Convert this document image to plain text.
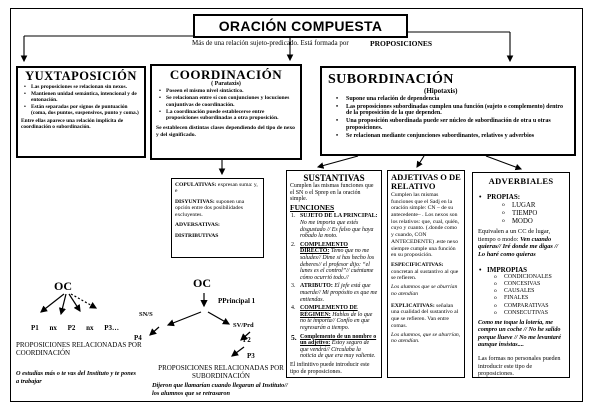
ORACIÓN COMPUESTA
Más de una relación sujeto-predicado. Está formada por	PROPOSICIONES
YUXTAPOSICIÓN
• Las proposiciones se relacionan sin nexos.
• Mantienen unidad semántica, intencional y de entonación.
• Están separadas por signos de puntuación (coma, dos puntos, suspensivos, punto y coma.)
Entre ellas aparece una relación implícita de coordinación o subordinación.
COORDINACIÓN
( Parataxis)
• Poseen el mismo nivel sintáctico.
• Se relacionan entre sí con conjunciones y locuciones conjuntivas de coordinación.
• La coordinación puede establecerse entre proposiciones subordinadas a otra proposición.
Se establecen distintas clases dependiendo del tipo de nexo y del significado.
SUBORDINACIÓN
(Hipotaxis)
• Supone una relación de dependencia
• Las proposiciones subordinadas cumplen una función (sujeto o complemento) dentro de la proposición de la que dependen.
• Una proposición subordinada puede ser núcleo de subordinación de otra u otras proposiciones.
• Se relacionan mediante conjunciones subordinantes, relativos y adverbios

COPULATIVAS: expresan suma: y, e

DISYUNTIVAS: suponen una opción entre dos posibilidades excluyentes.

ADVERSATIVAS:

DISTRIBUTIVAS

SUSTANTIVAS
Cumplen las mismas funciones que el SN o el Sprep en la oración simple.
FUNCIONES
1. SUJETO DE LA PRINCIPAL: No me importa que estés disgustado // Es falso que haya robado la moto.
2. COMPLEMENTO DIRECTO: Temo que no me saludes// Dime si has hecho los deberes// el profesor dijo: “el lunes es el control”// cuéntame cómo ocurrió todo.//
3. ATRIBUTO: El jefe está que muerde// Mi propósito es que me entiendas.
4. COMPLEMENTO DE RÉGIMEN: Hablas de lo que no te importa// Confío en que regresarán a tiempo.
5. Complemento de un nombre o un adjetivo: Estoy seguro de que vendrá// Circulaba la noticia de que era muy valiente.
El infinitivo puede introducir este tipo de proposiciones.
ADJETIVAS O DE RELATIVO
Cumplen las mismas funciones que el Sadj en la oración simple: CN – de su antecedente– . Los nexos son los relativos: que, cual, quién, cuyo y cuanto. (.donde como y cuando, CON ANTECEDENTE) .este nexo siempre cumple una función en su proposición.
ESPECIFICATIVAS: concretan al sustantivo al que se refieren.
Los alumnos que se aburrían no atendían
EXPLICATIVAS: señalan una cualidad del sustantivo al que se refieren. Van entre comas.
Los alumnos, que se aburrían, no atendían.
ADVERBIALES
• PROPIAS:
o LUGAR
o TIEMPO
o MODO
Equivalen a un CC de lugar, tiempo o modo: Ven cuando quieras// Iré donde me digas // Lo haré como quieras
• IMPROPIAS
o CONDICIONALES
o CONCESIVAS
o CAUSALES
o FINALES
o COMPARATIVAS
o CONSECUTIVAS
Como me toque la lotería, me compro un coche // No he salido porque llueve // No me levantaré aunque insistas....
Las formas no personales pueden introducir este tipo de proposiciones.
OC
P1 nx P2 nx P3…
PROPOSICIONES RELACIONADAS POR COORDINACIÓN
O estudias más o te vas del Instituto y te pones a trabajar
OC
PPrincipal 1
SN/S
SV/Prd
P4	P2
P3
PROPOSICIONES RELACIONADAS POR SUBORDINACIÓN
Dijeron que llamarían cuando llegaran al Instituto// los alumnos que se retrasaron
